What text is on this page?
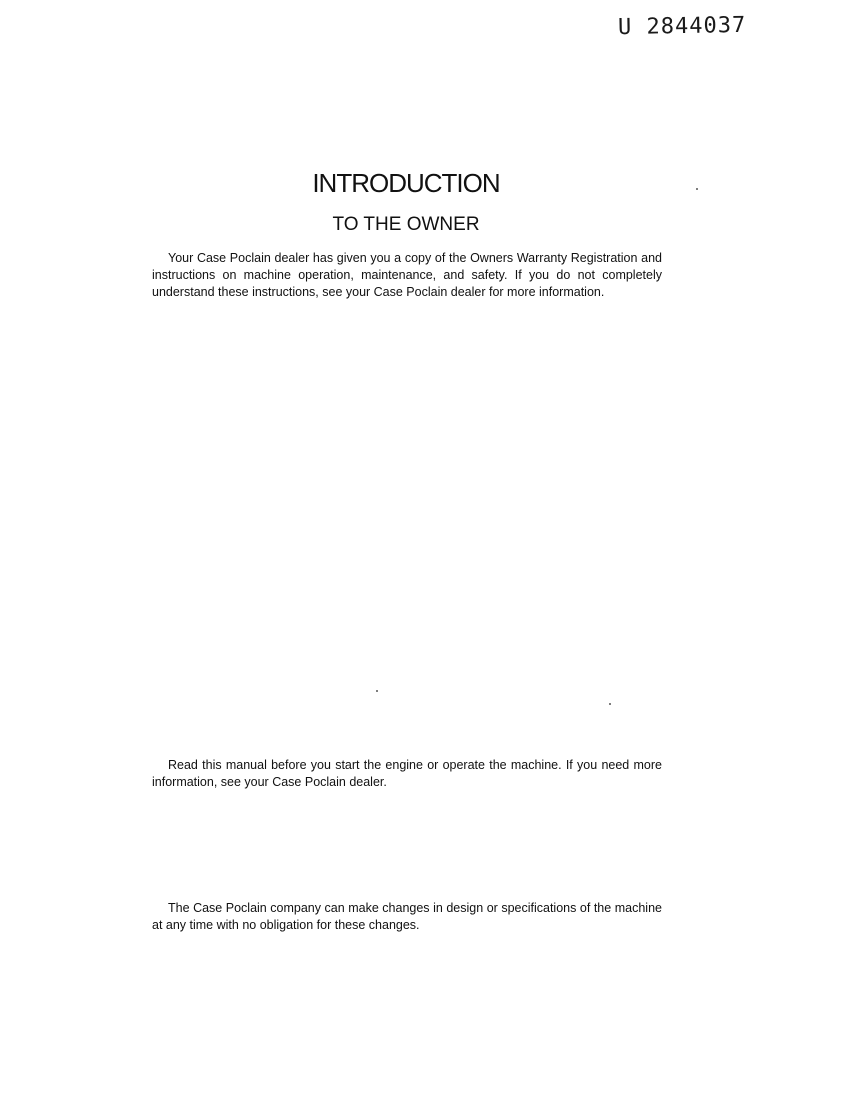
U 2844037
INTRODUCTION
TO THE OWNER

Your Case Poclain dealer has given you a copy of the Owners Warranty Registration and instructions on machine operation, maintenance, and safety. If you do not completely understand these instructions, see your Case Poclain dealer for more information.

Read this manual before you start the engine or operate the machine. If you need more information, see your Case Poclain dealer.

The Case Poclain company can make changes in design or specifications of the machine at any time with no obligation for these changes.
